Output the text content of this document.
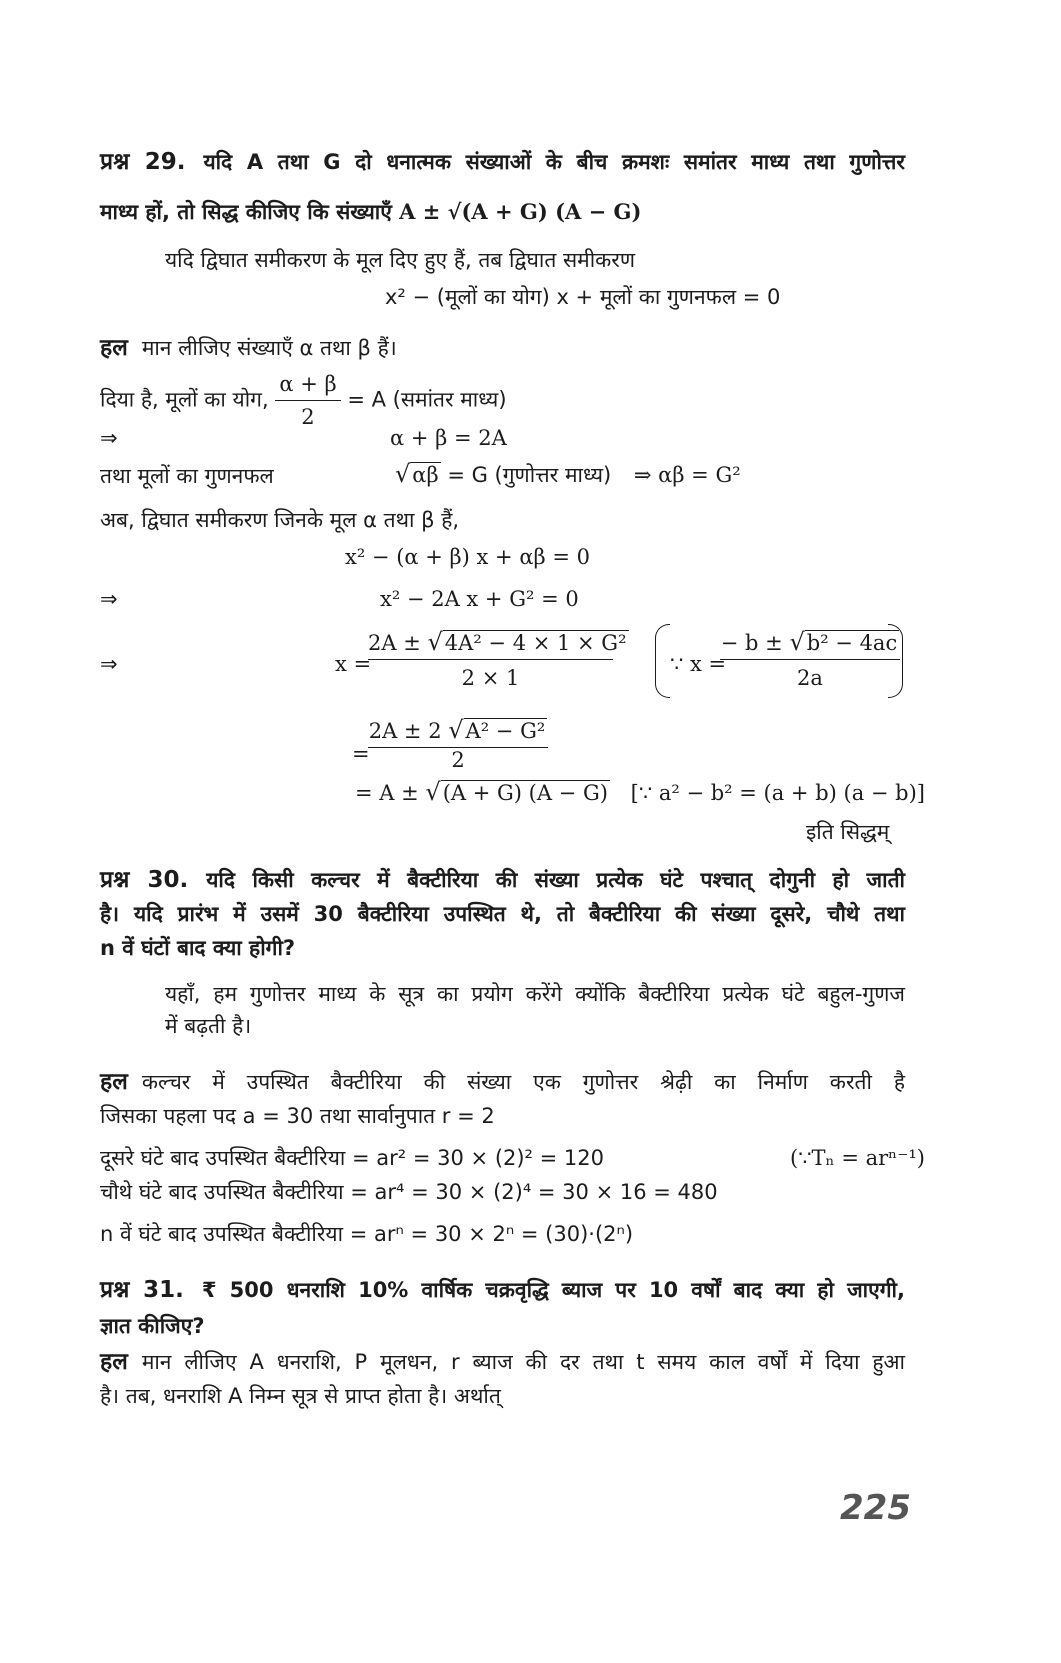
प्रश्न 29. यदि A तथा G दो धनात्मक संख्याओं के बीच क्रमशः समांतर माध्य तथा गुणोत्तर
माध्य हों, तो सिद्ध कीजिए कि संख्याएँ A ± √(A + G) (A − G)
यदि द्विघात समीकरण के मूल दिए हुए हैं, तब द्विघात समीकरण
x² − (मूलों का योग) x + मूलों का गुणनफल = 0
हल मान लीजिए संख्याएँ α तथा β हैं।
दिया है, मूलों का योग, $\frac{\alpha + \beta}{2} = A$ (समांतर माध्य)
⇒	α + β = 2A
तथा मूलों का गुणनफल	√αβ = G (गुणोत्तर माध्य) ⇒ αβ = G²
अब, द्विघात समीकरण जिनके मूल α तथा β हैं,
x² − (α + β) x + αβ = 0
⇒	x² − 2A x + G² = 0
⇒	x =
2A ± √4A² − 4 × 1 × G²
2 × 1
∵ x =
− b ± √b² − 4ac
2a
=
2A ± 2 √A² − G²
2
= A ± √(A + G) (A − G) [∵ a² − b² = (a + b) (a − b)]
इति सिद्धम्
प्रश्न 30. यदि किसी कल्चर में बैक्टीरिया की संख्या प्रत्येक घंटे पश्चात् दोगुनी हो जाती
है। यदि प्रारंभ में उसमें 30 बैक्टीरिया उपस्थित थे, तो बैक्टीरिया की संख्या दूसरे, चौथे तथा
n वें घंटों बाद क्या होगी?
यहाँ, हम गुणोत्तर माध्य के सूत्र का प्रयोग करेंगे क्योंकि बैक्टीरिया प्रत्येक घंटे बहुल-गुणज
में बढ़ती है।
हल कल्चर में उपस्थित बैक्टीरिया की संख्या एक गुणोत्तर श्रेढ़ी का निर्माण करती है
जिसका पहला पद a = 30 तथा सार्वानुपात r = 2
दूसरे घंटे बाद उपस्थित बैक्टीरिया = ar² = 30 × (2)² = 120	(∵Tₙ = arⁿ⁻¹)
चौथे घंटे बाद उपस्थित बैक्टीरिया = ar⁴ = 30 × (2)⁴ = 30 × 16 = 480
n वें घंटे बाद उपस्थित बैक्टीरिया = arⁿ = 30 × 2ⁿ = (30)·(2ⁿ)
प्रश्न 31. ₹ 500 धनराशि 10% वार्षिक चक्रवृद्धि ब्याज पर 10 वर्षों बाद क्या हो जाएगी,
ज्ञात कीजिए?
हल मान लीजिए A धनराशि, P मूलधन, r ब्याज की दर तथा t समय काल वर्षों में दिया हुआ
है। तब, धनराशि A निम्न सूत्र से प्राप्त होता है। अर्थात्
225
